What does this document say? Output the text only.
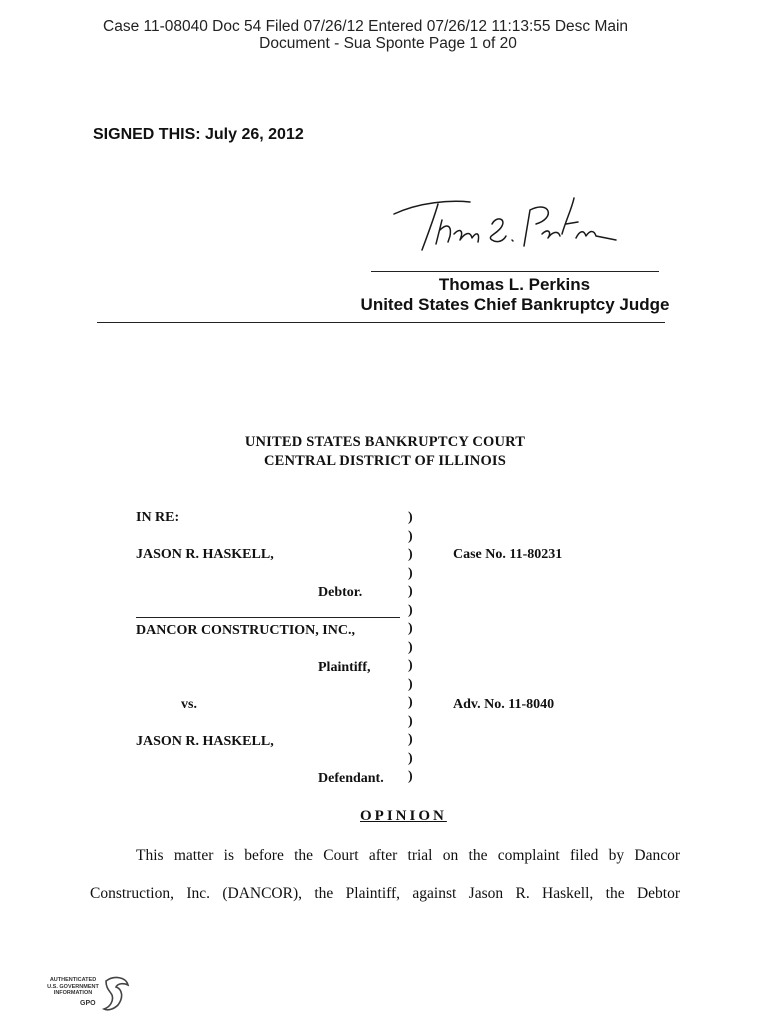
Case 11-08040 Doc 54 Filed 07/26/12 Entered 07/26/12 11:13:55 Desc Main
Document - Sua Sponte Page 1 of 20
SIGNED THIS: July 26, 2012
Thomas L. Perkins
United States Chief Bankruptcy Judge
UNITED STATES BANKRUPTCY COURT
CENTRAL DISTRICT OF ILLINOIS
IN RE:
JASON R. HASKELL,
Debtor.
DANCOR CONSTRUCTION, INC.,
Plaintiff,
vs.
JASON R. HASKELL,
Defendant.
)
)
)
)
)
)
)
)
)
)
)
)
)
)
)
Case No. 11-80231
Adv. No. 11-8040
OPINION
This matter is before the Court after trial on the complaint filed by Dancor
Construction, Inc. (DANCOR), the Plaintiff, against Jason R. Haskell, the Debtor
AUTHENTICATED
U.S. GOVERNMENT
INFORMATION
GPO
